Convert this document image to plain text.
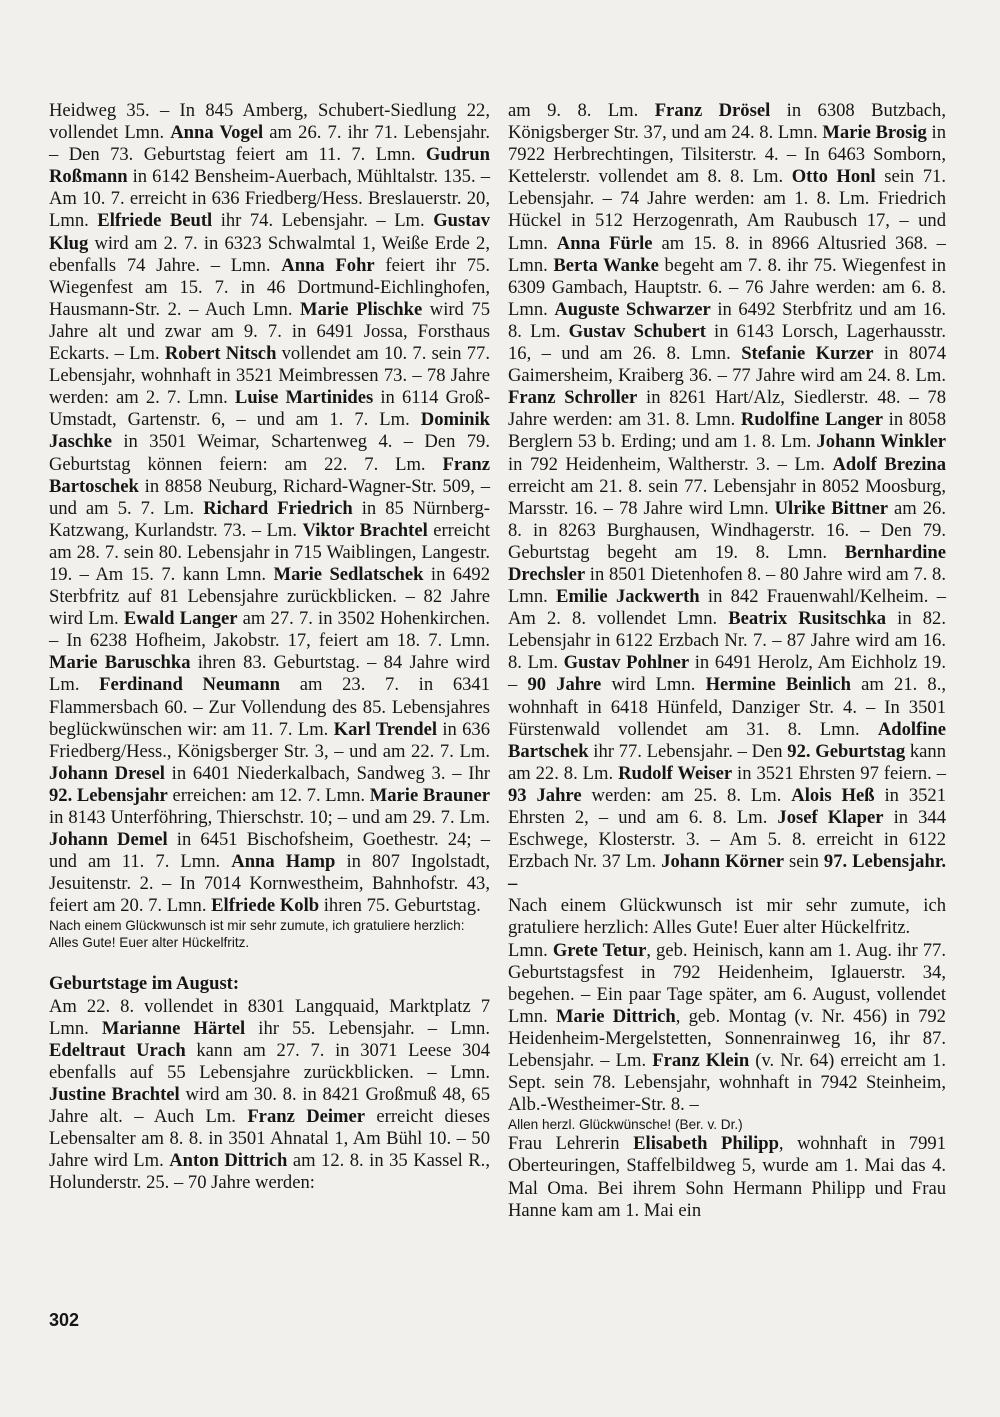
Heidweg 35. – In 845 Amberg, Schubert-Siedlung 22, vollendet Lmn. Anna Vogel am 26. 7. ihr 71. Lebensjahr. – Den 73. Geburtstag feiert am 11. 7. Lmn. Gudrun Roßmann in 6142 Bensheim-Auerbach, Mühltalstr. 135. – Am 10. 7. erreicht in 636 Friedberg/Hess. Breslauerstr. 20, Lmn. Elfriede Beutl ihr 74. Lebensjahr. – Lm. Gustav Klug wird am 2. 7. in 6323 Schwalmtal 1, Weiße Erde 2, ebenfalls 74 Jahre. – Lmn. Anna Fohr feiert ihr 75. Wiegenfest am 15. 7. in 46 Dortmund-Eichlinghofen, Hausmann-Str. 2. – Auch Lmn. Marie Plischke wird 75 Jahre alt und zwar am 9. 7. in 6491 Jossa, Forsthaus Eckarts. – Lm. Robert Nitsch vollendet am 10. 7. sein 77. Lebensjahr, wohnhaft in 3521 Meimbressen 73. – 78 Jahre werden: am 2. 7. Lmn. Luise Martinides in 6114 Groß-Umstadt, Gartenstr. 6, – und am 1. 7. Lm. Dominik Jaschke in 3501 Weimar, Schartenweg 4. – Den 79. Geburtstag können feiern: am 22. 7. Lm. Franz Bartoschek in 8858 Neuburg, Richard-Wagner-Str. 509, – und am 5. 7. Lm. Richard Friedrich in 85 Nürnberg-Katzwang, Kurlandstr. 73. – Lm. Viktor Brachtel erreicht am 28. 7. sein 80. Lebensjahr in 715 Waiblingen, Langestr. 19. – Am 15. 7. kann Lmn. Marie Sedlatschek in 6492 Sterbfritz auf 81 Lebensjahre zurückblicken. – 82 Jahre wird Lm. Ewald Langer am 27. 7. in 3502 Hohenkirchen. – In 6238 Hofheim, Jakobstr. 17, feiert am 18. 7. Lmn. Marie Baruschka ihren 83. Geburtstag. – 84 Jahre wird Lm. Ferdinand Neumann am 23. 7. in 6341 Flammersbach 60. – Zur Vollendung des 85. Lebensjahres beglückwünschen wir: am 11. 7. Lm. Karl Trendel in 636 Friedberg/Hess., Königsberger Str. 3, – und am 22. 7. Lm. Johann Dresel in 6401 Niederkalbach, Sandweg 3. – Ihr 92. Lebensjahr erreichen: am 12. 7. Lmn. Marie Brauner in 8143 Unterföhring, Thierschstr. 10; – und am 29. 7. Lm. Johann Demel in 6451 Bischofsheim, Goethestr. 24; – und am 11. 7. Lmn. Anna Hamp in 807 Ingolstadt, Jesuitenstr. 2. – In 7014 Kornwestheim, Bahnhofstr. 43, feiert am 20. 7. Lmn. Elfriede Kolb ihren 75. Geburtstag.

Nach einem Glückwunsch ist mir sehr zumute, ich gratuliere herzlich: Alles Gute! Euer alter Hückelfritz.

Geburtstage im August:

Am 22. 8. vollendet in 8301 Langquaid, Marktplatz 7 Lmn. Marianne Härtel ihr 55. Lebensjahr. – Lmn. Edeltraut Urach kann am 27. 7. in 3071 Leese 304 ebenfalls auf 55 Lebensjahre zurückblicken. – Lmn. Justine Brachtel wird am 30. 8. in 8421 Großmuß 48, 65 Jahre alt. – Auch Lm. Franz Deimer erreicht dieses Lebensalter am 8. 8. in 3501 Ahnatal 1, Am Bühl 10. – 50 Jahre wird Lm. Anton Dittrich am 12. 8. in 35 Kassel R., Holunderstr. 25. – 70 Jahre werden:

am 9. 8. Lm. Franz Drösel in 6308 Butzbach, Königsberger Str. 37, und am 24. 8. Lmn. Marie Brosig in 7922 Herbrechtingen, Tilsiterstr. 4. – In 6463 Somborn, Kettelerstr. vollendet am 8. 8. Lm. Otto Honl sein 71. Lebensjahr. – 74 Jahre werden: am 1. 8. Lm. Friedrich Hückel in 512 Herzogenrath, Am Raubusch 17, – und Lmn. Anna Fürle am 15. 8. in 8966 Altusried 368. – Lmn. Berta Wanke begeht am 7. 8. ihr 75. Wiegenfest in 6309 Gambach, Hauptstr. 6. – 76 Jahre werden: am 6. 8. Lmn. Auguste Schwarzer in 6492 Sterbfritz und am 16. 8. Lm. Gustav Schubert in 6143 Lorsch, Lagerhausstr. 16, – und am 26. 8. Lmn. Stefanie Kurzer in 8074 Gaimersheim, Kraiberg 36. – 77 Jahre wird am 24. 8. Lm. Franz Schroller in 8261 Hart/Alz, Siedlerstr. 48. – 78 Jahre werden: am 31. 8. Lmn. Rudolfine Langer in 8058 Berglern 53 b. Erding; und am 1. 8. Lm. Johann Winkler in 792 Heidenheim, Waltherstr. 3. – Lm. Adolf Brezina erreicht am 21. 8. sein 77. Lebensjahr in 8052 Moosburg, Marsstr. 16. – 78 Jahre wird Lmn. Ulrike Bittner am 26. 8. in 8263 Burghausen, Windhagerstr. 16. – Den 79. Geburtstag begeht am 19. 8. Lmn. Bernhardine Drechsler in 8501 Dietenhofen 8. – 80 Jahre wird am 7. 8. Lmn. Emilie Jackwerth in 842 Frauenwahl/Kelheim. – Am 2. 8. vollendet Lmn. Beatrix Rusitschka in 82. Lebensjahr in 6122 Erzbach Nr. 7. – 87 Jahre wird am 16. 8. Lm. Gustav Pohlner in 6491 Herolz, Am Eichholz 19. – 90 Jahre wird Lmn. Hermine Beinlich am 21. 8., wohnhaft in 6418 Hünfeld, Danziger Str. 4. – In 3501 Fürstenwald vollendet am 31. 8. Lmn. Adolfine Bartschek ihr 77. Lebensjahr. – Den 92. Geburtstag kann am 22. 8. Lm. Rudolf Weiser in 3521 Ehrsten 97 feiern. – 93 Jahre werden: am 25. 8. Lm. Alois Heß in 3521 Ehrsten 2, – und am 6. 8. Lm. Josef Klaper in 344 Eschwege, Klosterstr. 3. – Am 5. 8. erreicht in 6122 Erzbach Nr. 37 Lm. Johann Körner sein 97. Lebensjahr. –

Nach einem Glückwunsch ist mir sehr zumute, ich gratuliere herzlich: Alles Gute! Euer alter Hückelfritz.

Lmn. Grete Tetur, geb. Heinisch, kann am 1. Aug. ihr 77. Geburtstagsfest in 792 Heidenheim, Iglauerstr. 34, begehen. – Ein paar Tage später, am 6. August, vollendet Lmn. Marie Dittrich, geb. Montag (v. Nr. 456) in 792 Heidenheim-Mergelstetten, Sonnenrainweg 16, ihr 87. Lebensjahr. – Lm. Franz Klein (v. Nr. 64) erreicht am 1. Sept. sein 78. Lebensjahr, wohnhaft in 7942 Steinheim, Alb.-Westheimer-Str. 8. –

Allen herzl. Glückwünsche! (Ber. v. Dr.)

Frau Lehrerin Elisabeth Philipp, wohnhaft in 7991 Oberteuringen, Staffelbildweg 5, wurde am 1. Mai das 4. Mal Oma. Bei ihrem Sohn Hermann Philipp und Frau Hanne kam am 1. Mai ein

302
